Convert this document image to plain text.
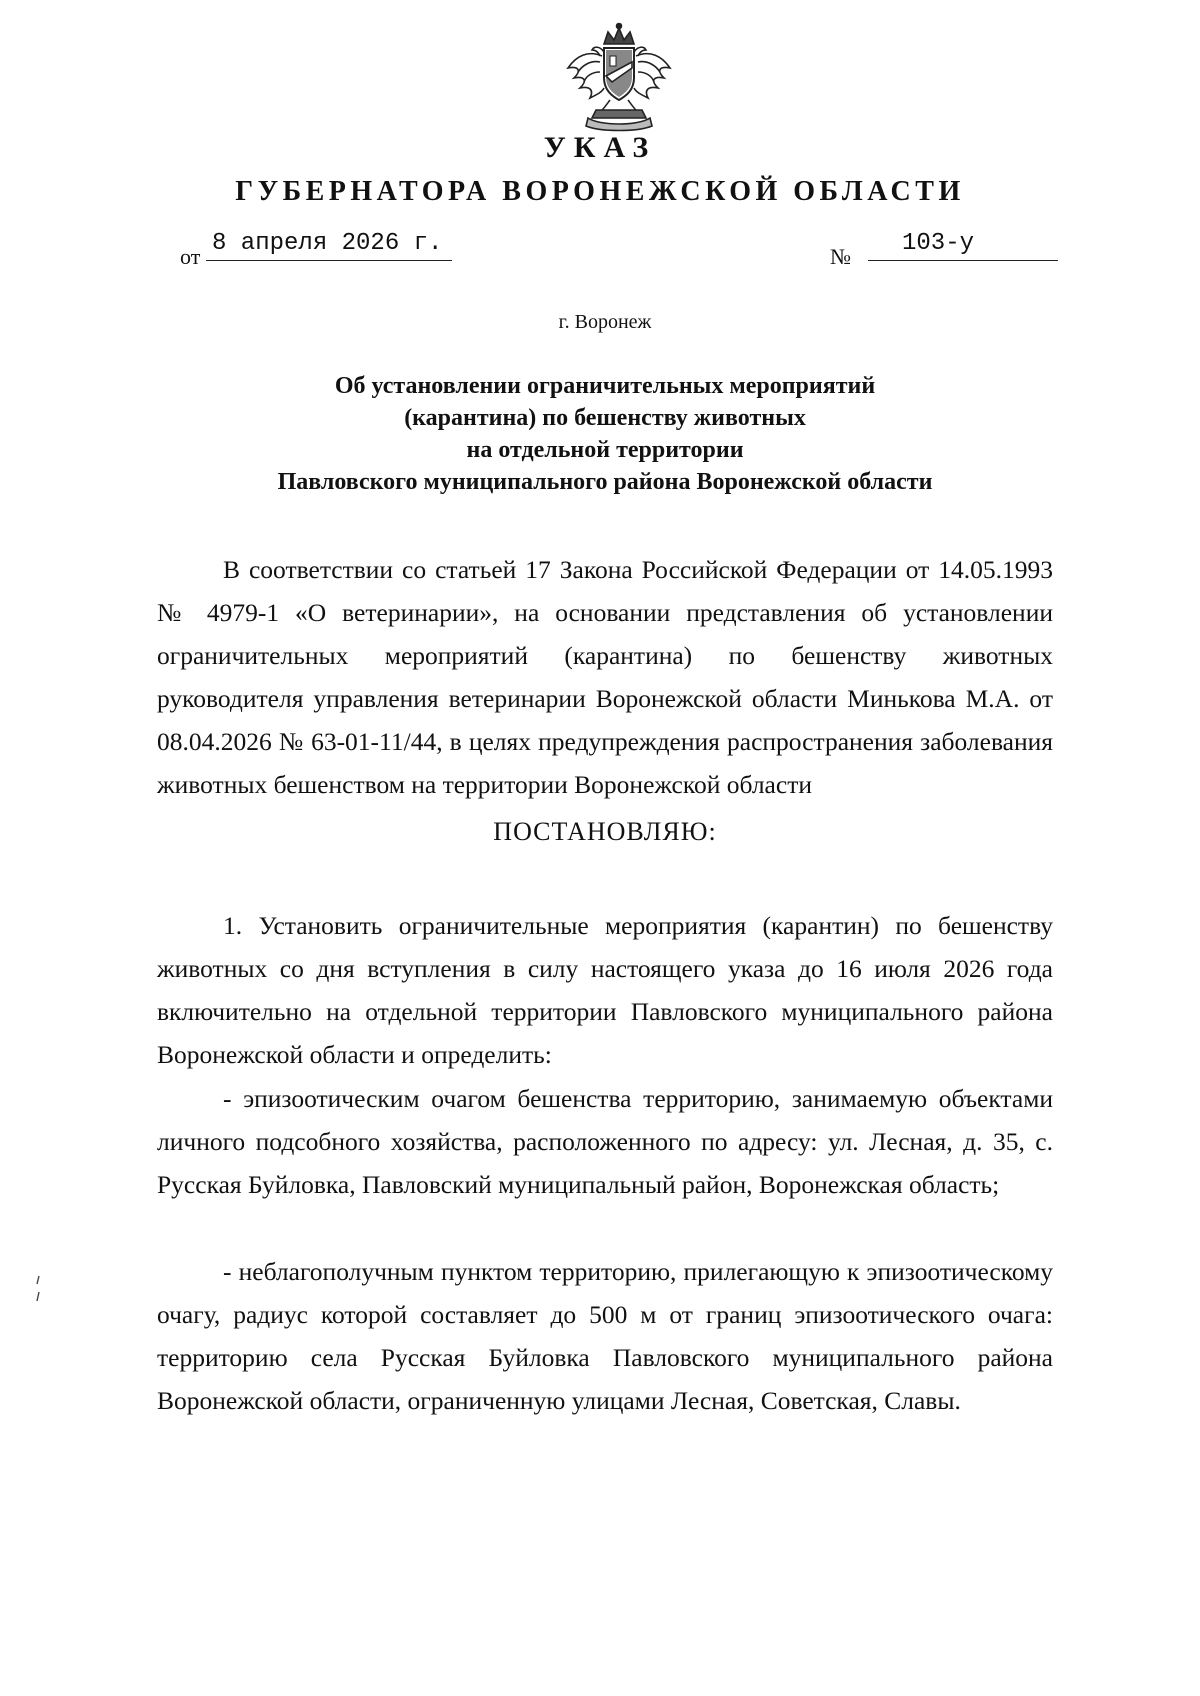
УКАЗ
ГУБЕРНАТОРА ВОРОНЕЖСКОЙ ОБЛАСТИ
от 8 апреля 2026 г.	№	103-у
г. Воронеж
Об установлении ограничительных мероприятий
(карантина) по бешенству животных
на отдельной территории
Павловского муниципального района Воронежской области
В соответствии со статьей 17 Закона Российской Федерации от 14.05.1993 № 4979-1 «О ветеринарии», на основании представления об установлении ограничительных мероприятий (карантина) по бешенству животных руководителя управления ветеринарии Воронежской области Минькова М.А. от 08.04.2026 № 63-01-11/44, в целях предупреждения распространения заболевания животных бешенством на территории Воронежской области
ПОСТАНОВЛЯЮ:
1. Установить ограничительные мероприятия (карантин) по бешенству животных со дня вступления в силу настоящего указа до 16 июля 2026 года включительно на отдельной территории Павловского муниципального района Воронежской области и определить:
- эпизоотическим очагом бешенства территорию, занимаемую объектами личного подсобного хозяйства, расположенного по адресу: ул. Лесная, д. 35, с. Русская Буйловка, Павловский муниципальный район, Воронежская область;
- неблагополучным пунктом территорию, прилегающую к эпизоотическому очагу, радиус которой составляет до 500 м от границ эпизоотического очага: территорию села Русская Буйловка Павловского муниципального района Воронежской области, ограниченную улицами Лесная, Советская, Славы.
